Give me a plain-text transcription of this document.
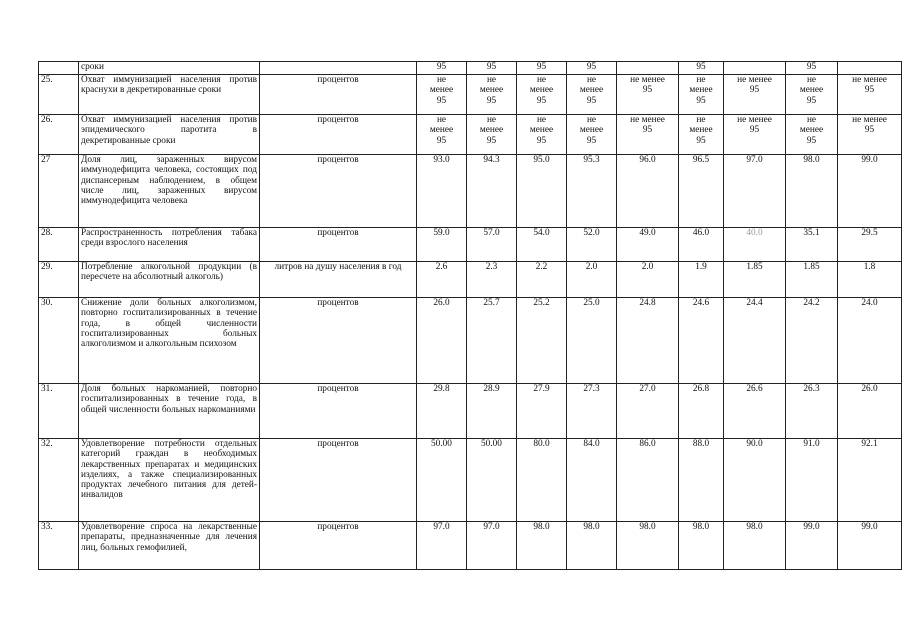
	сроки		95	95	95	95		95		95	
25.	Охват иммунизацией населения против краснухи в декретированные сроки	процентов	не
менее
95	не
менее
95	не
менее
95	не
менее
95	не менее
95	не
менее
95	не менее
95	не
менее
95	не менее
95
26.	Охват иммунизацией населения против эпидемического паротита в декретированные сроки	процентов	не
менее
95	не
менее
95	не
менее
95	не
менее
95	не менее
95	не
менее
95	не менее
95	не
менее
95	не менее
95
27	Доля лиц, зараженных вирусом иммунодефицита человека, состоящих под диспансерным наблюдением, в общем числе лиц, зараженных вирусом иммунодефицита человека	процентов	93.0	94.3	95.0	95.3	96.0	96.5	97.0	98.0	99.0
28.	Распространенность потребления табака среди взрослого населения	процентов	59.0	57.0	54.0	52.0	49.0	46.0	40.0	35.1	29.5
29.	Потребление алкогольной продукции (в пересчете на абсолютный алкоголь)	литров на душу населения в год	2.6	2.3	2.2	2.0	2.0	1.9	1.85	1.85	1.8
30.	Снижение доли больных алкоголизмом, повторно госпитализированных в течение года, в общей численности госпитализированных больных алкоголизмом и алкогольным психозом	процентов	26.0	25.7	25.2	25.0	24.8	24.6	24.4	24.2	24.0
31.	Доля больных наркоманией, повторно госпитализированных в течение года, в общей численности больных наркоманиями	процентов	29.8	28.9	27.9	27.3	27.0	26.8	26.6	26.3	26.0
32.	Удовлетворение потребности отдельных категорий граждан в необходимых лекарственных препаратах и медицинских изделиях, а также специализированных продуктах лечебного питания для детей-инвалидов	процентов	50.00	50.00	80.0	84.0	86.0	88.0	90.0	91.0	92.1
33.	Удовлетворение спроса на лекарственные препараты, предназначенные для лечения лиц, больных гемофилией,	процентов	97.0	97.0	98.0	98.0	98.0	98.0	98.0	99.0	99.0
